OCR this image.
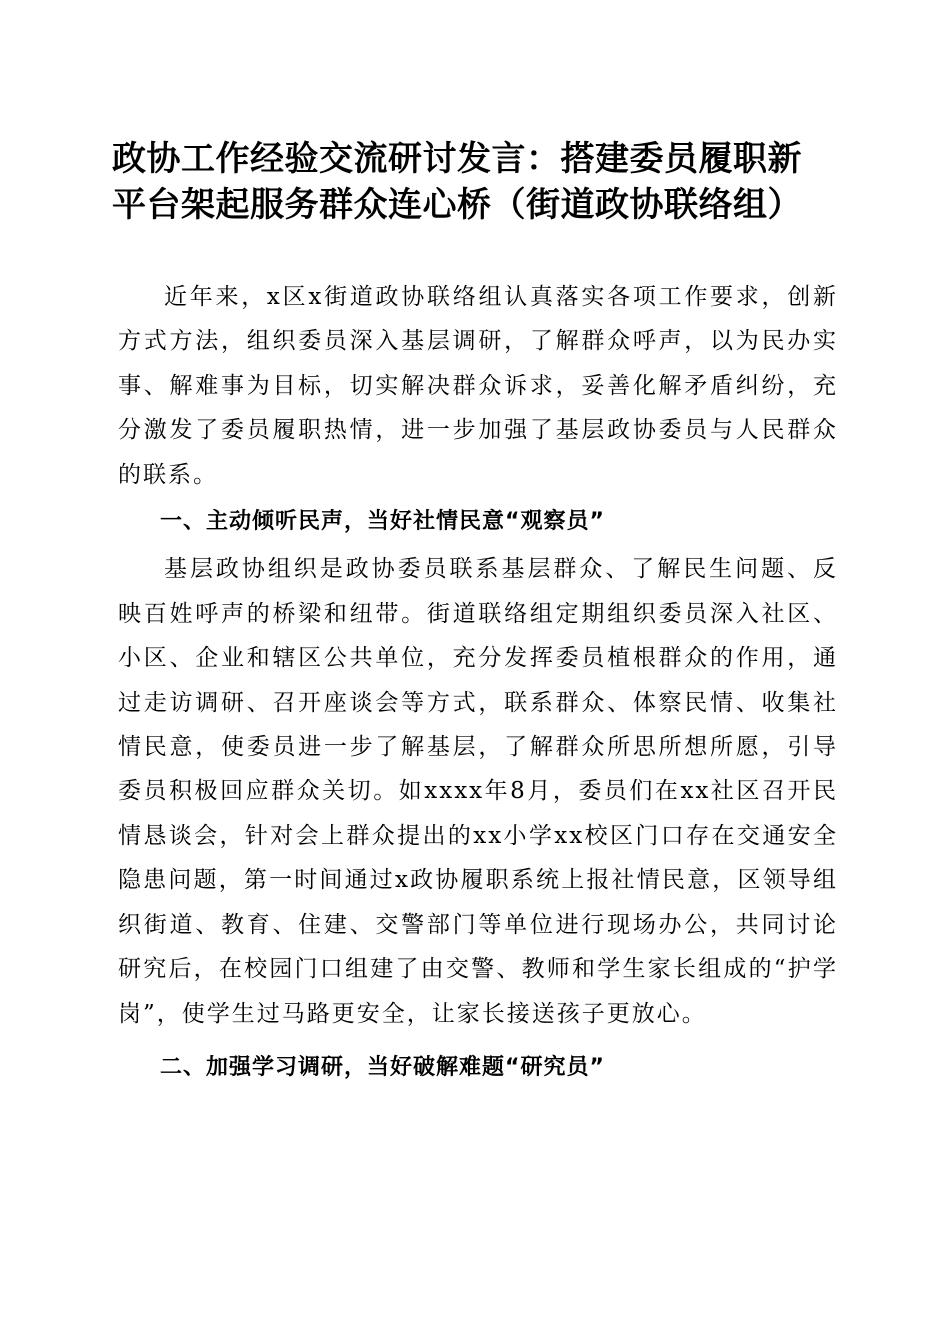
政协工作经验交流研讨发言：搭建委员履职新
平台架起服务群众连心桥（街道政协联络组）

近年来，x区x街道政协联络组认真落实各项工作要求，创新方式方法，组织委员深入基层调研，了解群众呼声，以为民办实事、解难事为目标，切实解决群众诉求，妥善化解矛盾纠纷，充分激发了委员履职热情，进一步加强了基层政协委员与人民群众的联系。

一、主动倾听民声，当好社情民意“观察员”

基层政协组织是政协委员联系基层群众、了解民生问题、反映百姓呼声的桥梁和纽带。街道联络组定期组织委员深入社区、小区、企业和辖区公共单位，充分发挥委员植根群众的作用，通过走访调研、召开座谈会等方式，联系群众、体察民情、收集社情民意，使委员进一步了解基层，了解群众所思所想所愿，引导委员积极回应群众关切。如xxxx年8月，委员们在xx社区召开民情恳谈会，针对会上群众提出的xx小学xx校区门口存在交通安全隐患问题，第一时间通过x政协履职系统上报社情民意，区领导组织街道、教育、住建、交警部门等单位进行现场办公，共同讨论研究后，在校园门口组建了由交警、教师和学生家长组成的“护学岗”，使学生过马路更安全，让家长接送孩子更放心。

二、加强学习调研，当好破解难题“研究员”
